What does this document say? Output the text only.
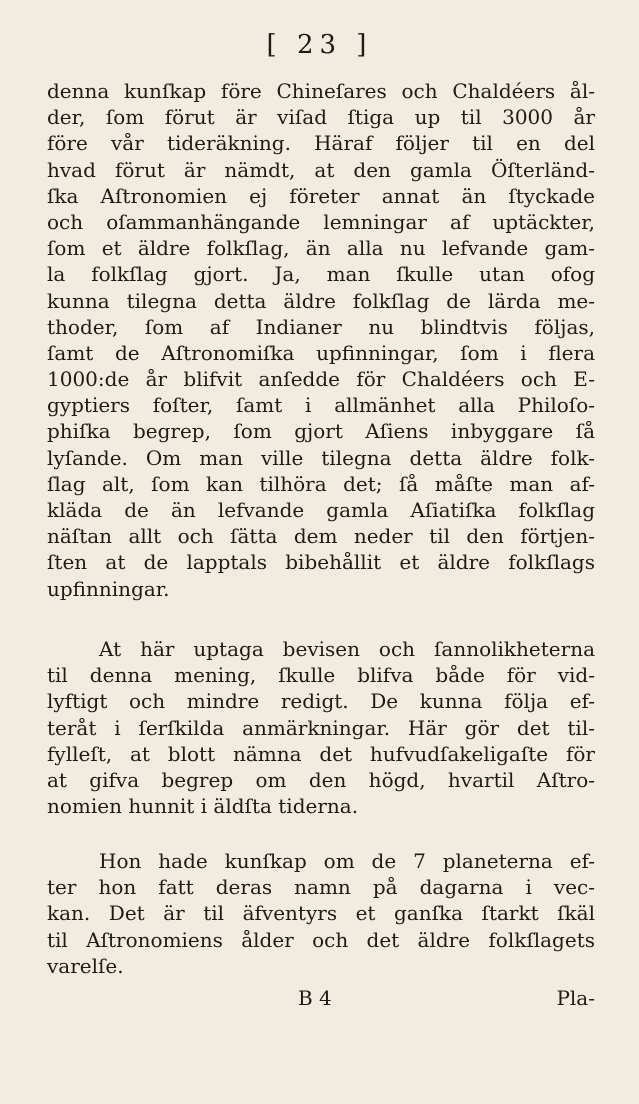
[ 23 ]
denna kunſkap före Chineſares och Chaldéers ål-
der, ſom förut är viſad ſtiga up til 3000 år
före vår tideräkning. Häraf följer til en del
hvad förut är nämdt, at den gamla Öſterländ-
ſka Aſtronomien ej företer annat än ſtyckade
och oſammanhängande lemningar af uptäckter,
ſom et äldre folkſlag, än alla nu lefvande gam-
la folkſlag gjort. Ja, man ſkulle utan ofog
kunna tilegna detta äldre folkſlag de lärda me-
thoder, ſom af Indianer nu blindtvis följas,
ſamt de Aſtronomiſka upfinningar, ſom i flera
1000:de år blifvit anſedde för Chaldéers och E-
gyptiers foſter, ſamt i allmänhet alla Philoſo-
phiſka begrep, ſom gjort Aſiens inbyggare ſå
lyſande. Om man ville tilegna detta äldre folk-
ſlag alt, ſom kan tilhöra det; ſå måſte man af-
kläda de än lefvande gamla Aſiatiſka folkſlag
näſtan allt och ſätta dem neder til den förtjen-
ſten at de lapptals bibehållit et äldre folkſlags
upfinningar.
At här uptaga bevisen och ſannolikheterna
til denna mening, ſkulle blifva både för vid-
lyftigt och mindre redigt. De kunna följa ef-
teråt i ſerſkilda anmärkningar. Här gör det til-
fylleſt, at blott nämna det hufvudſakeligaſte för
at gifva begrep om den högd, hvartil Aſtro-
nomien hunnit i äldſta tiderna.
Hon hade kunſkap om de 7 planeterna ef-
ter hon fatt deras namn på dagarna i vec-
kan. Det är til äfventyrs et ganſka ſtarkt ſkäl
til Aſtronomiens ålder och det äldre folkſlagets
varelſe.
B 4	Pla-
